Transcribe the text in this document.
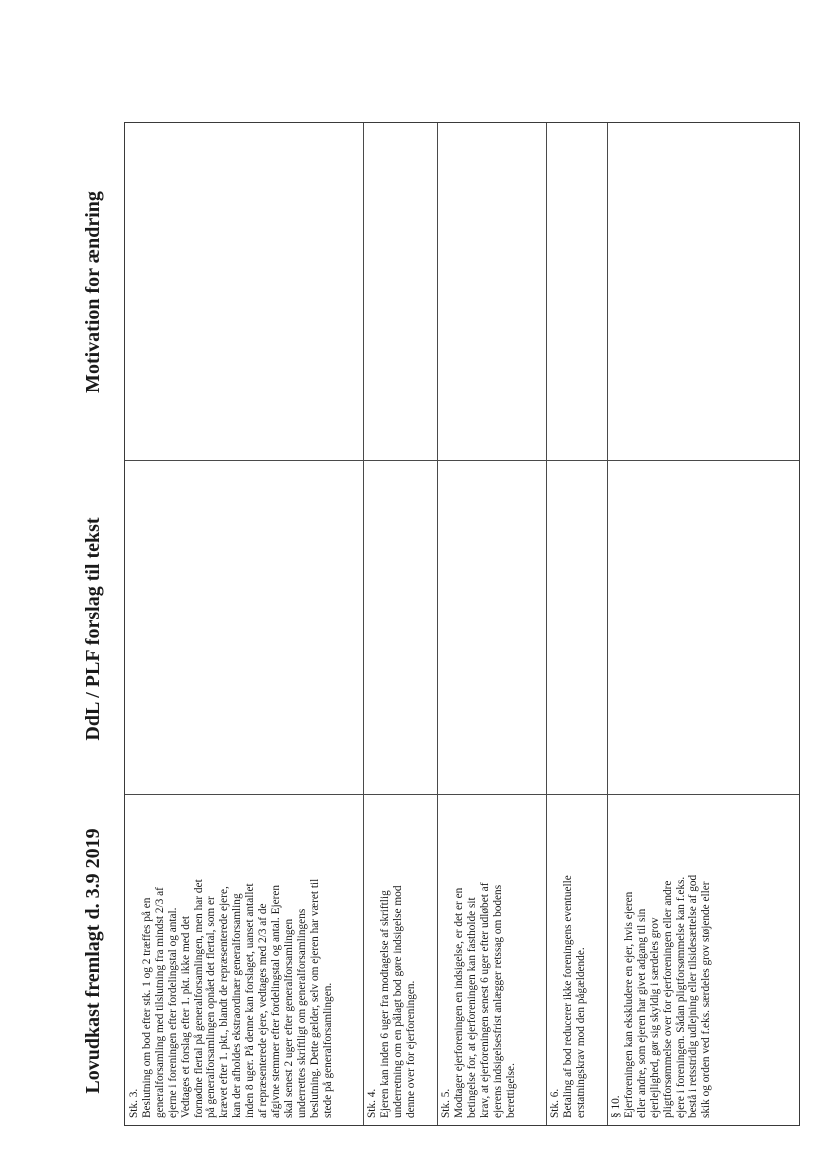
Lovudkast fremlagt d. 3.9 2019
DdL / PLF forslag til tekst
Motivation for ændring
Stk. 3. Beslutning om bod efter stk. 1 og 2 træffes på en generalforsamling med tilslutning fra mindst 2/3 af ejerne i foreningen efter fordelingstal og antal. Vedtages et forslag efter 1. pkt. ikke med det fornødne flertal på generalforsamlingen, men har det på generalforsamlingen opnået det flertal, som er krævet efter 1. pkt., blandt de repræsenterede ejere, kan der afholdes ekstraordinær generalforsamling inden 8 uger. På denne kan forslaget, uanset antallet af repræsenterede ejere, vedtages med 2/3 af de afgivne stemmer efter fordelingstal og antal. Ejeren skal senest 2 uger efter generalforsamlingen underrettes skriftligt om generalforsamlingens beslutning. Dette gælder, selv om ejeren har været til stede på generalforsamlingen.	Stk. 4. Ejeren kan inden 6 uger fra modtagelse af skriftlig underretning om en pålagt bod gøre indsigelse mod denne over for ejerforeningen. Stk. 5. Modtager ejerforeningen en indsigelse, er det er en betingelse for, at ejerforeningen kan fastholde sit krav, at ejerforeningen senest 6 uger efter udløbet af ejerens indsigelsesfrist anlægger retssag om bodens berettigelse.	Stk. 6. Betaling af bod reducerer ikke foreningens eventuelle erstatningskrav mod den pågældende. § 10. Ejerforeningen kan ekskludere en ejer, hvis ejeren eller andre, som ejeren har givet adgang til sin ejerlejlighed, gør sig skyldig i særdeles grov pligtforsømmelse over for ejerforeningen eller andre ejere i foreningen. Sådan pligtforsømmelse kan f.eks. bestå i retsstridig udlejning eller tilsidesættelse af god skik og orden ved f.eks. særdeles grov støjende eller
